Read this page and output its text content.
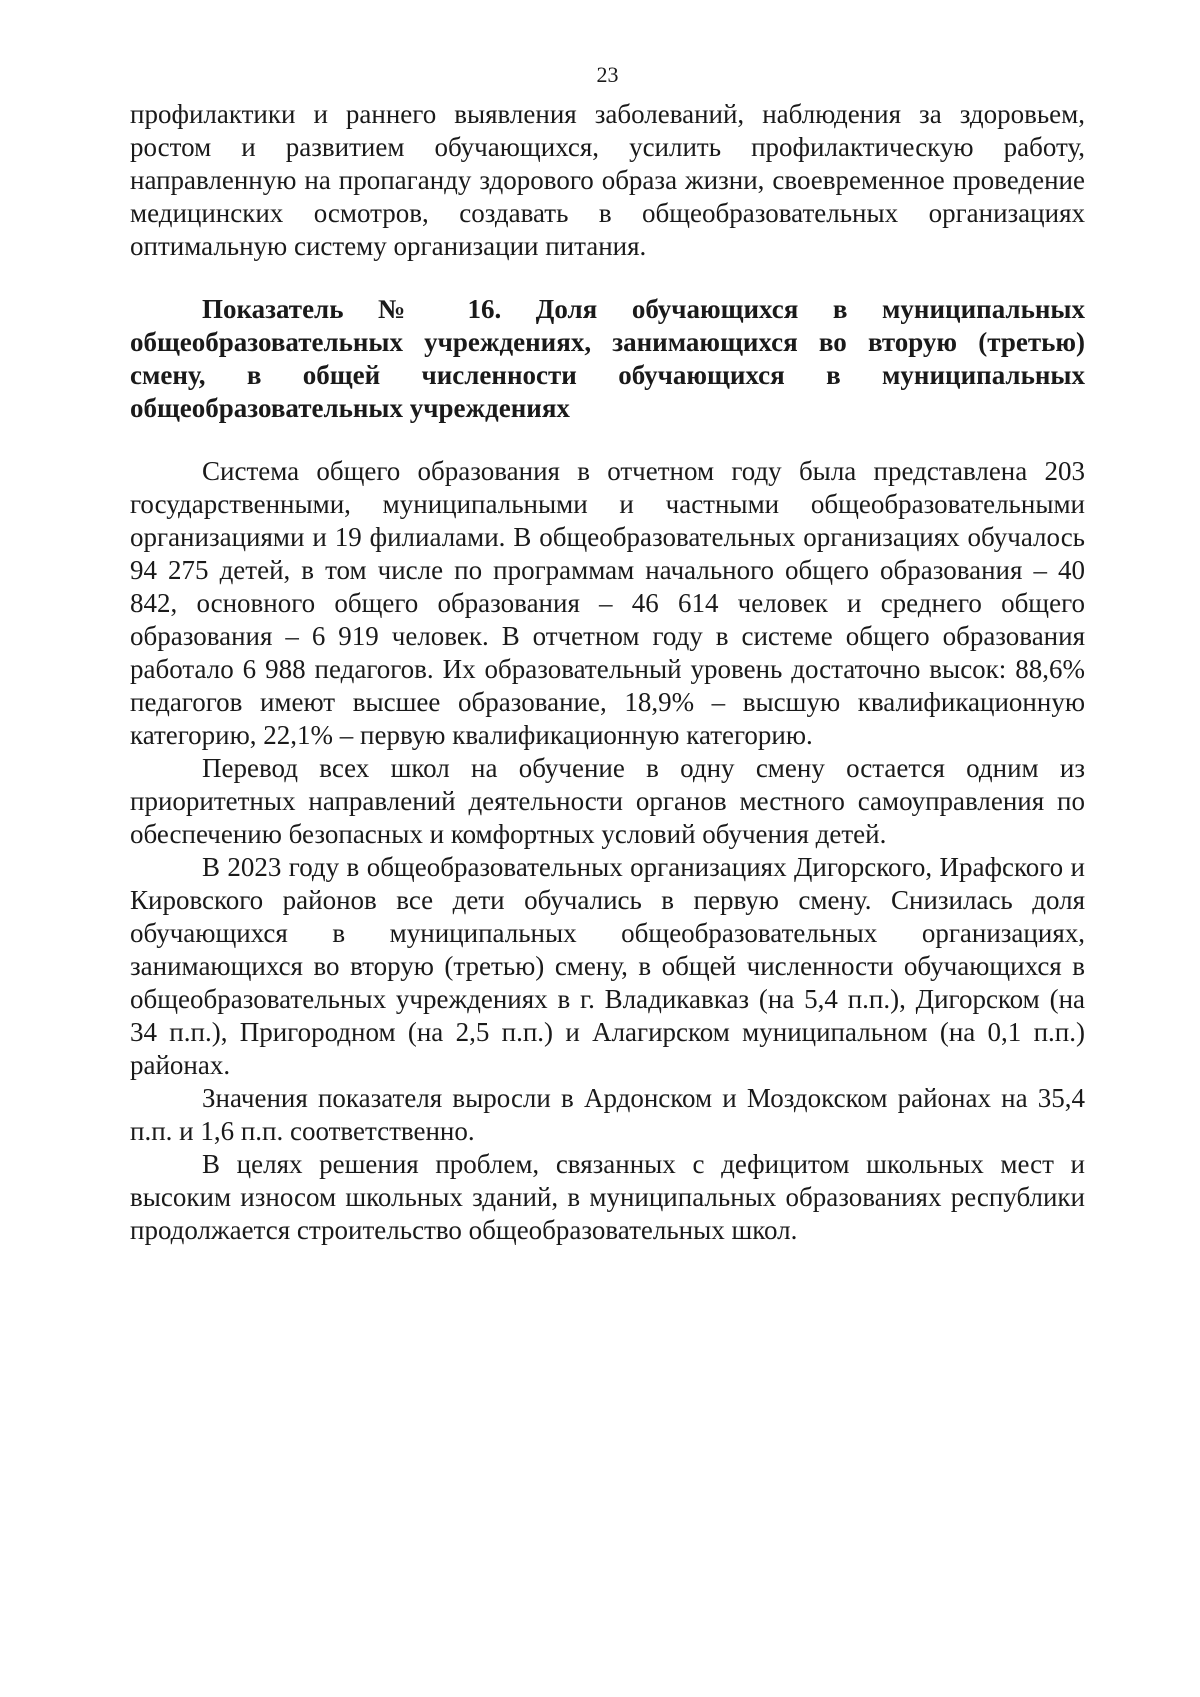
23

профилактики и раннего выявления заболеваний, наблюдения за здоровьем, ростом и развитием обучающихся, усилить профилактическую работу, направленную на пропаганду здорового образа жизни, своевременное проведение медицинских осмотров, создавать в общеобразовательных организациях оптимальную систему организации питания.

Показатель № 16. Доля обучающихся в муниципальных общеобразовательных учреждениях, занимающихся во вторую (третью) смену, в общей численности обучающихся в муниципальных общеобразовательных учреждениях

Система общего образования в отчетном году была представлена 203 государственными, муниципальными и частными общеобразовательными организациями и 19 филиалами. В общеобразовательных организациях обучалось 94 275 детей, в том числе по программам начального общего образования – 40 842, основного общего образования – 46 614 человек и среднего общего образования – 6 919 человек. В отчетном году в системе общего образования работало 6 988 педагогов. Их образовательный уровень достаточно высок: 88,6% педагогов имеют высшее образование, 18,9% – высшую квалификационную категорию, 22,1% – первую квалификационную категорию.

Перевод всех школ на обучение в одну смену остается одним из приоритетных направлений деятельности органов местного самоуправления по обеспечению безопасных и комфортных условий обучения детей.

В 2023 году в общеобразовательных организациях Дигорского, Ирафского и Кировского районов все дети обучались в первую смену. Снизилась доля обучающихся в муниципальных общеобразовательных организациях, занимающихся во вторую (третью) смену, в общей численности обучающихся в общеобразовательных учреждениях в г. Владикавказ (на 5,4 п.п.), Дигорском (на 34 п.п.), Пригородном (на 2,5 п.п.) и Алагирском муниципальном (на 0,1 п.п.) районах.

Значения показателя выросли в Ардонском и Моздокском районах на 35,4 п.п. и 1,6 п.п. соответственно.

В целях решения проблем, связанных с дефицитом школьных мест и высоким износом школьных зданий, в муниципальных образованиях республики продолжается строительство общеобразовательных школ.
